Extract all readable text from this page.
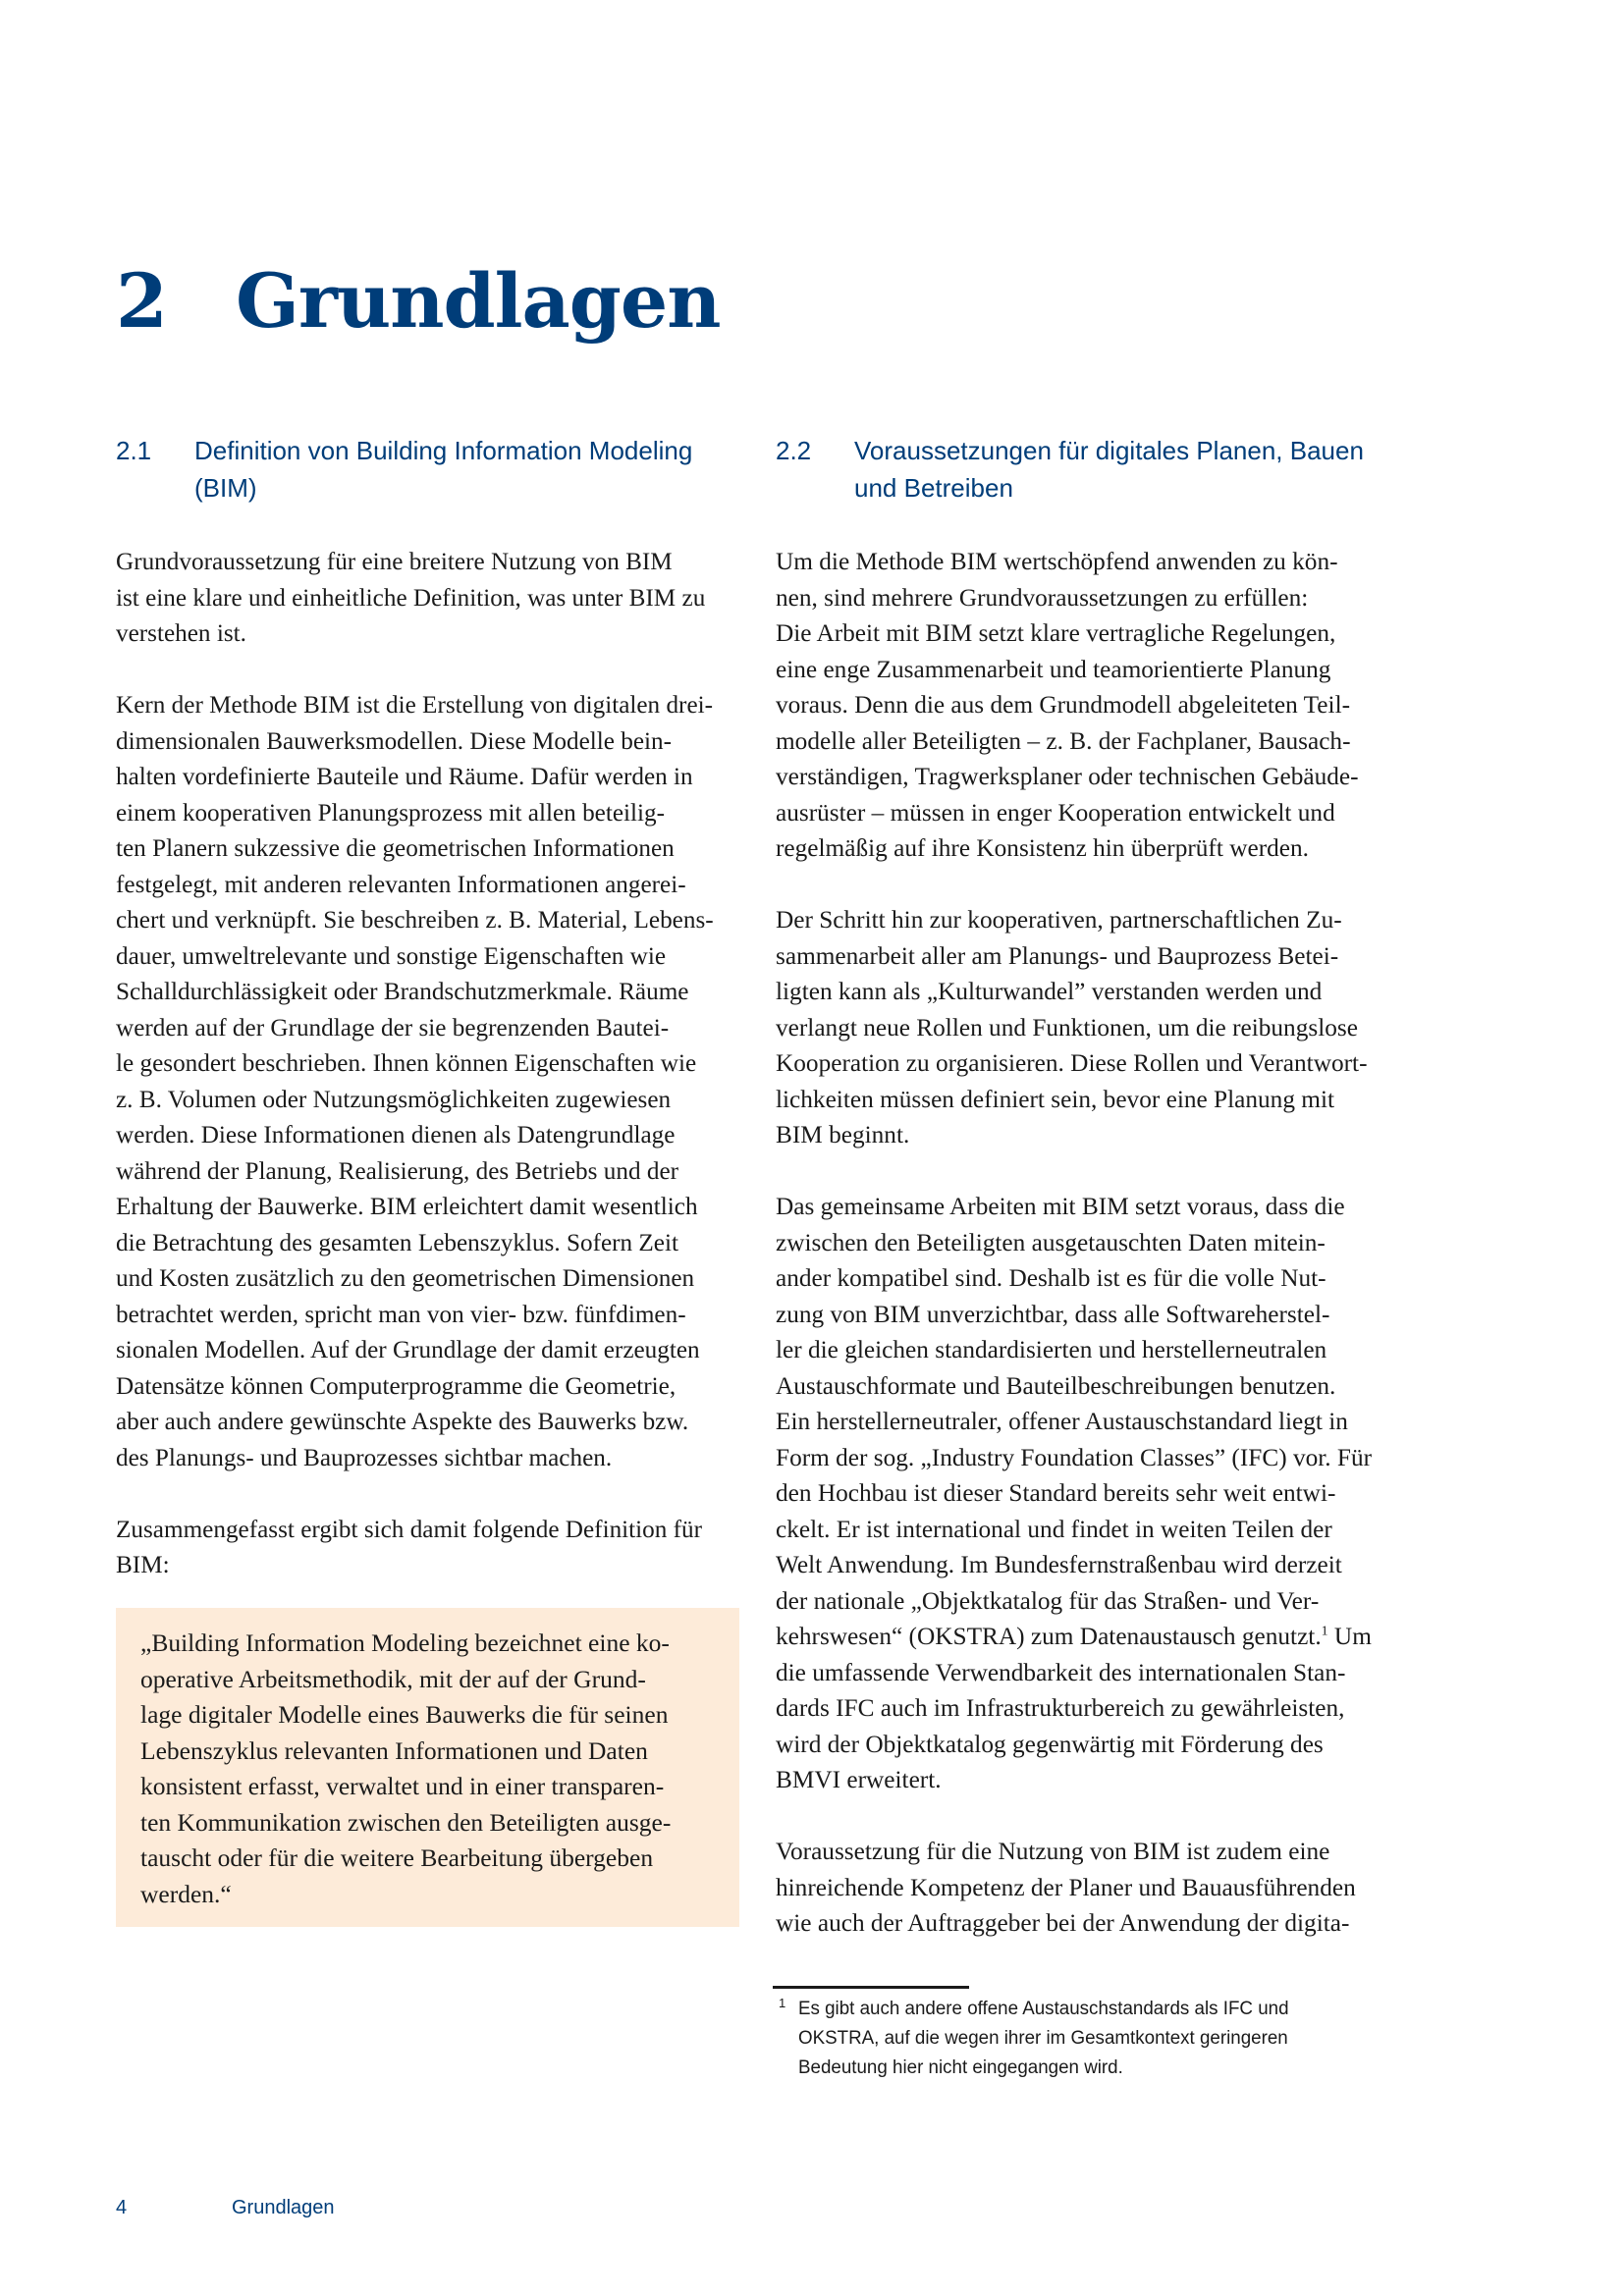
2 Grundlagen
2.1 Definition von Building Information Modeling
(BIM)

Grundvoraussetzung für eine breitere Nutzung von BIM
ist eine klare und einheitliche Definition, was unter BIM zu
verstehen ist.

Kern der Methode BIM ist die Erstellung von digitalen drei-
dimensionalen Bauwerksmodellen. Diese Modelle bein-
halten vordefinierte Bauteile und Räume. Dafür werden in
einem kooperativen Planungsprozess mit allen beteilig-
ten Planern sukzessive die geometrischen Informationen
festgelegt, mit anderen relevanten Informationen angerei-
chert und verknüpft. Sie beschreiben z. B. Material, Lebens-
dauer, umweltrelevante und sonstige Eigenschaften wie
Schalldurchlässigkeit oder Brandschutzmerkmale. Räume
werden auf der Grundlage der sie begrenzenden Bautei-
le gesondert beschrieben. Ihnen können Eigenschaften wie
z. B. Volumen oder Nutzungsmöglichkeiten zugewiesen
werden. Diese Informationen dienen als Datengrundlage
während der Planung, Realisierung, des Betriebs und der
Erhaltung der Bauwerke. BIM erleichtert damit wesentlich
die Betrachtung des gesamten Lebenszyklus. Sofern Zeit
und Kosten zusätzlich zu den geometrischen Dimensionen
betrachtet werden, spricht man von vier- bzw. fünfdimen-
sionalen Modellen. Auf der Grundlage der damit erzeugten
Datensätze können Computerprogramme die Geometrie,
aber auch andere gewünschte Aspekte des Bauwerks bzw.
des Planungs- und Bauprozesses sichtbar machen.

Zusammengefasst ergibt sich damit folgende Definition für
BIM:

„Building Information Modeling bezeichnet eine ko-
operative Arbeitsmethodik, mit der auf der Grund-
lage digitaler Modelle eines Bauwerks die für seinen
Lebenszyklus relevanten Informationen und Daten
konsistent erfasst, verwaltet und in einer transparen-
ten Kommunikation zwischen den Beteiligten ausge-
tauscht oder für die weitere Bearbeitung übergeben
werden.“

2.2 Voraussetzungen für digitales Planen, Bauen
und Betreiben

Um die Methode BIM wertschöpfend anwenden zu kön-
nen, sind mehrere Grundvoraussetzungen zu erfüllen:
Die Arbeit mit BIM setzt klare vertragliche Regelungen,
eine enge Zusammenarbeit und teamorientierte Planung
voraus. Denn die aus dem Grundmodell abgeleiteten Teil-
modelle aller Beteiligten – z. B. der Fachplaner, Bausach-
verständigen, Tragwerksplaner oder technischen Gebäude-
ausrüster – müssen in enger Kooperation entwickelt und
regelmäßig auf ihre Konsistenz hin überprüft werden.

Der Schritt hin zur kooperativen, partnerschaftlichen Zu-
sammenarbeit aller am Planungs- und Bauprozess Betei-
ligten kann als „Kulturwandel” verstanden werden und
verlangt neue Rollen und Funktionen, um die reibungslose
Kooperation zu organisieren. Diese Rollen und Verantwort-
lichkeiten müssen definiert sein, bevor eine Planung mit
BIM beginnt.

Das gemeinsame Arbeiten mit BIM setzt voraus, dass die
zwischen den Beteiligten ausgetauschten Daten mitein-
ander kompatibel sind. Deshalb ist es für die volle Nut-
zung von BIM unverzichtbar, dass alle Softwareherstel-
ler die gleichen standardisierten und herstellerneutralen
Austauschformate und Bauteilbeschreibungen benutzen.
Ein herstellerneutraler, offener Austauschstandard liegt in
Form der sog. „Industry Foundation Classes” (IFC) vor. Für
den Hochbau ist dieser Standard bereits sehr weit entwi-
ckelt. Er ist international und findet in weiten Teilen der
Welt Anwendung. Im Bundesfernstraßenbau wird derzeit
der nationale „Objektkatalog für das Straßen- und Ver-
kehrswesen“ (OKSTRA) zum Datenaustausch genutzt.$^1$ Um
die umfassende Verwendbarkeit des internationalen Stan-
dards IFC auch im Infrastrukturbereich zu gewährleisten,
wird der Objektkatalog gegenwärtig mit Förderung des
BMVI erweitert.

Voraussetzung für die Nutzung von BIM ist zudem eine
hinreichende Kompetenz der Planer und Bauausführenden
wie auch der Auftraggeber bei der Anwendung der digita-

1 Es gibt auch andere offene Austauschstandards als IFC und
OKSTRA, auf die wegen ihrer im Gesamtkontext geringeren
Bedeutung hier nicht eingegangen wird.
4	Grundlagen
